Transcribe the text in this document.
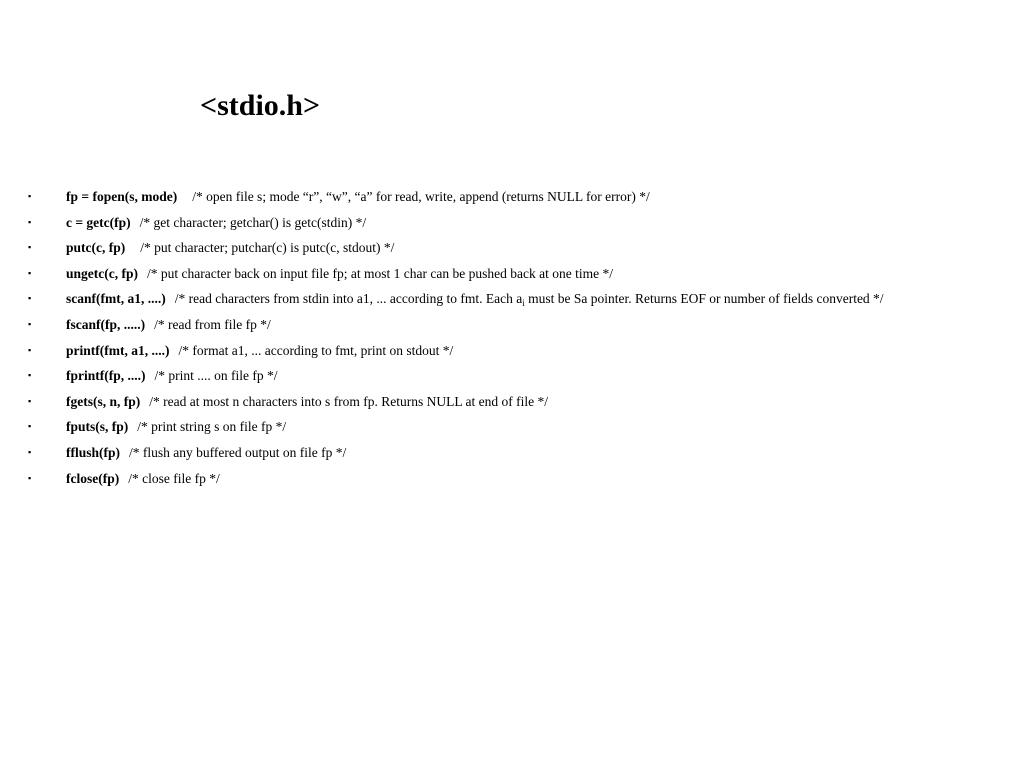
<stdio.h>
▪	fp = fopen(s, mode) /* open file s; mode “r”, “w”, “a” for read, write, append (returns NULL for error) */
▪	c = getc(fp) /* get character; getchar() is getc(stdin) */
▪	putc(c, fp) /* put character; putchar(c) is putc(c, stdout) */
▪	ungetc(c, fp) /* put character back on input file fp; at most 1 char can be pushed back at one time */
▪	scanf(fmt, a1, ....) /* read characters from stdin into a1, ... according to fmt. Each $a_i$ must be Sa pointer. Returns EOF or number of fields converted */
▪	fscanf(fp, .....) /* read from file fp */
▪	printf(fmt, a1, ....) /* format a1, ... according to fmt, print on stdout */
▪	fprintf(fp, ....) /* print .... on file fp */
▪	fgets(s, n, fp) /* read at most n characters into s from fp. Returns NULL at end of file */
▪	fputs(s, fp) /* print string s on file fp */
▪	fflush(fp) /* flush any buffered output on file fp */
▪	fclose(fp) /* close file fp */
